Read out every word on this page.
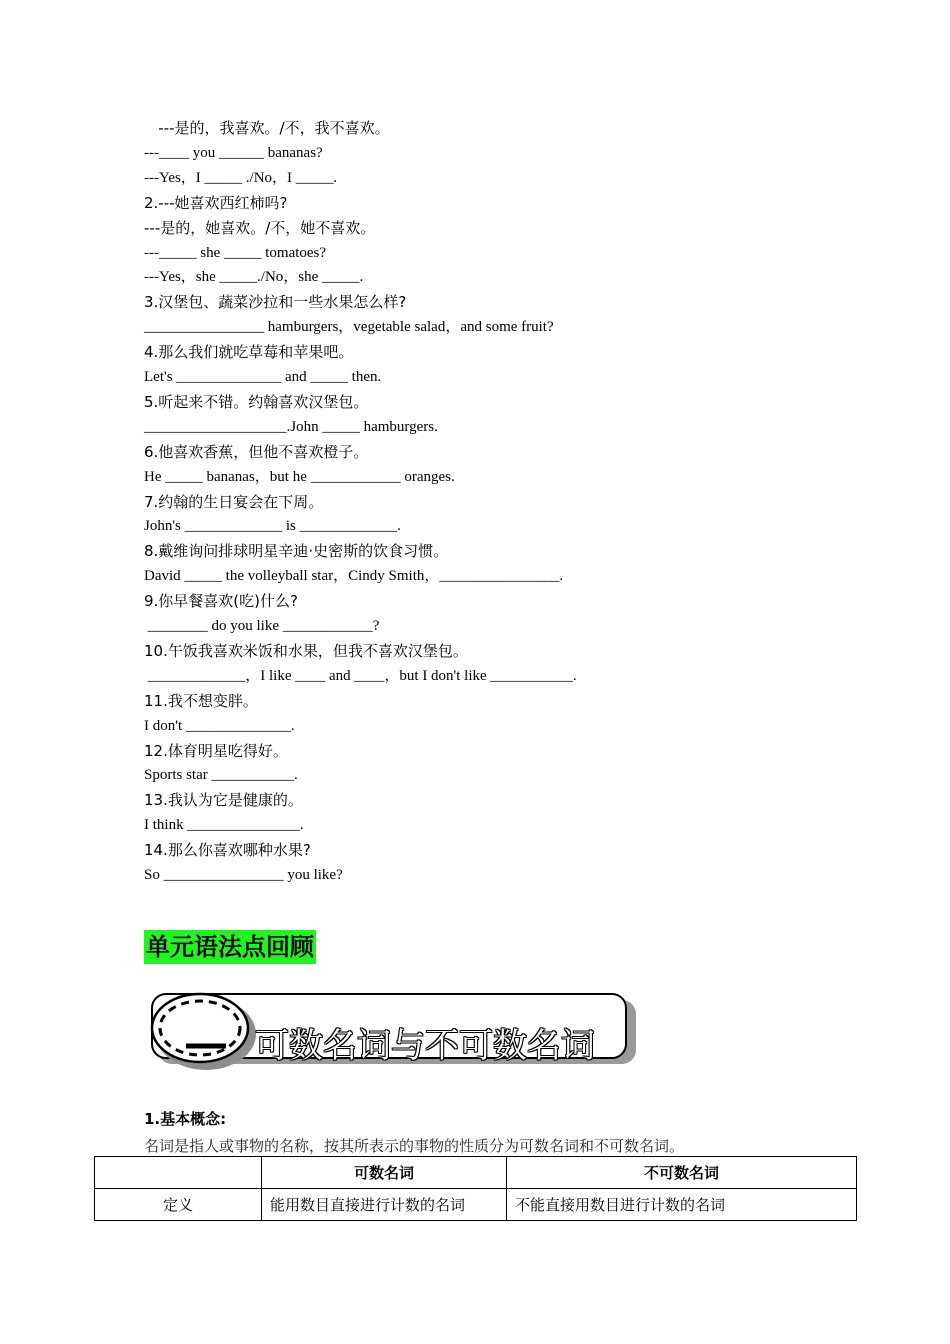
---是的，我喜欢。/不，我不喜欢。
---____ you ______ bananas?
---Yes，I _____ ./No，I _____.
2.---她喜欢西红柿吗?
---是的，她喜欢。/不，她不喜欢。
---_____ she _____ tomatoes?
---Yes，she _____./No，she _____.
3.汉堡包、蔬菜沙拉和一些水果怎么样?
________________ hamburgers，vegetable salad，and some fruit?
4.那么我们就吃草莓和苹果吧。
Let's ______________ and _____ then.
5.听起来不错。约翰喜欢汉堡包。
___________________.John _____ hamburgers.
6.他喜欢香蕉，但他不喜欢橙子。
He _____ bananas，but he ____________ oranges.
7.约翰的生日宴会在下周。
John's _____________ is _____________.
8.戴维询问排球明星辛迪·史密斯的饮食习惯。
David _____ the volleyball star，Cindy Smith，________________.
9.你早餐喜欢(吃)什么?
________ do you like ____________?
10.午饭我喜欢米饭和水果，但我不喜欢汉堡包。
_____________，I like ____ and ____，but I don't like ___________.
11.我不想变胖。
I don't ______________.
12.体育明星吃得好。
Sports star ___________.
13.我认为它是健康的。
I think _______________.
14.那么你喜欢哪种水果?
So ________________ you like?
单元语法点回顾
可数名词与不可数名词
1.基本概念:
名词是指人或事物的名称，按其所表示的事物的性质分为可数名词和不可数名词。
	可数名词	不可数名词
定义	能用数目直接进行计数的名词	不能直接用数目进行计数的名词
